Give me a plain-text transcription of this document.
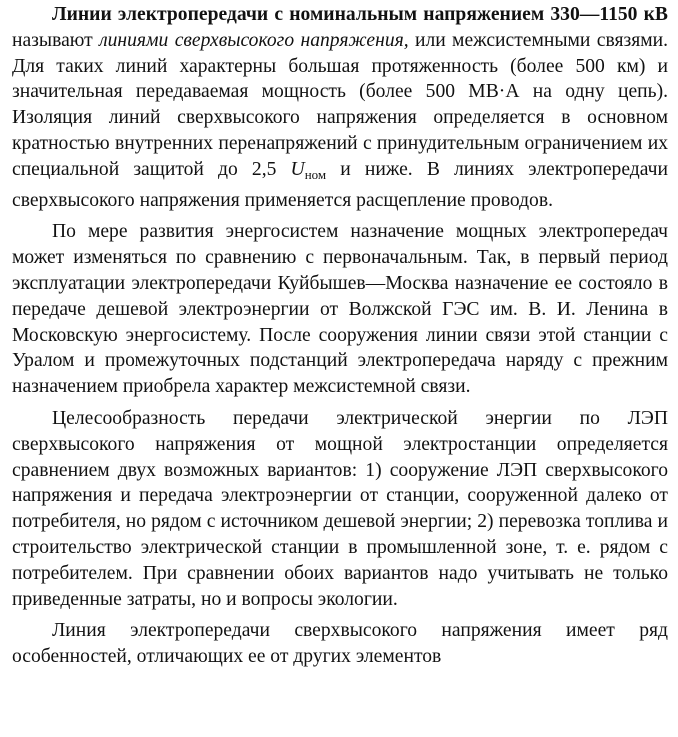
Линии электропередачи с номинальным напряжением 330—1150 кВ называют линиями сверхвысокого напряжения, или межсистемными связями. Для таких линий характерны большая протяженность (более 500 км) и значительная передаваемая мощность (более 500 МВ·А на одну цепь). Изоляция линий сверхвысокого напряжения определяется в основном кратностью внутренних перенапряжений с принудительным ограничением их специальной защитой до 2,5 $U_{ном}$ и ниже. В линиях электропередачи сверхвысокого напряжения применяется расщепление проводов.

По мере развития энергосистем назначение мощных электропередач может изменяться по сравнению с первоначальным. Так, в первый период эксплуатации электропередачи Куйбышев—Москва назначение ее состояло в передаче дешевой электроэнергии от Волжской ГЭС им. В. И. Ленина в Московскую энергосистему. После сооружения линии связи этой станции с Уралом и промежуточных подстанций электропередача наряду с прежним назначением приобрела характер межсистемной связи.

Целесообразность передачи электрической энергии по ЛЭП сверхвысокого напряжения от мощной электростанции определяется сравнением двух возможных вариантов: 1) сооружение ЛЭП сверхвысокого напряжения и передача электроэнергии от станции, сооруженной далеко от потребителя, но рядом с источником дешевой энергии; 2) перевозка топлива и строительство электрической станции в промышленной зоне, т. е. рядом с потребителем. При сравнении обоих вариантов надо учитывать не только приведенные затраты, но и вопросы экологии.

Линия электропередачи сверхвысокого напряжения имеет ряд особенностей, отличающих ее от других элементов
